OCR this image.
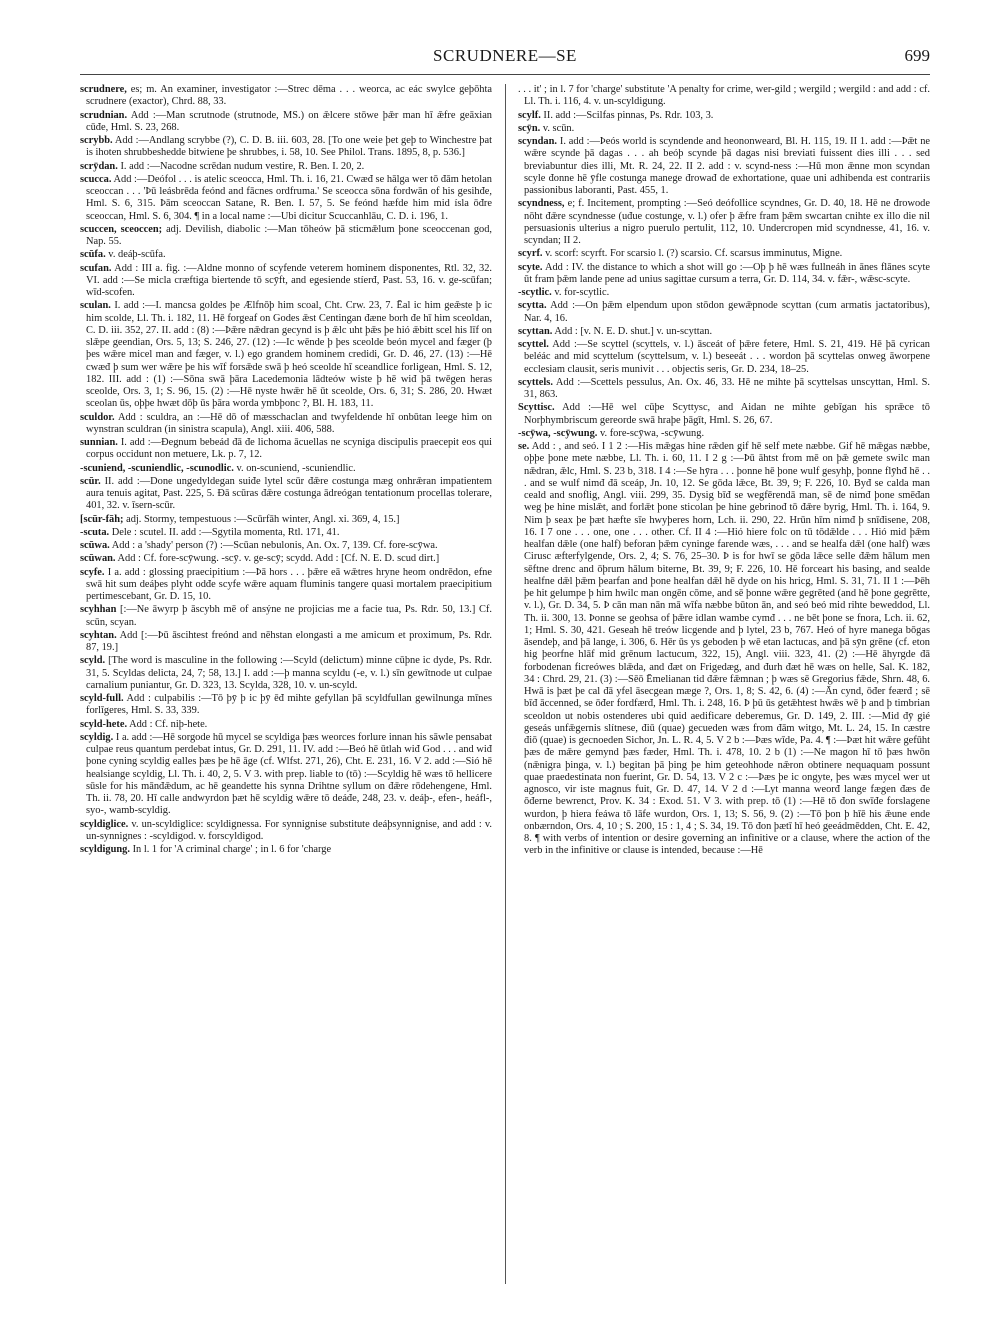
SCRUDNERE—SE	699

scrudnere, es; m. An examiner, investigator :—Strec dēma . . . weorca, ac eác swylce geþōhta scrudnere (exactor), Chrd. 88, 33.

scrudnian. Add :—Man scrutnode (strutnode, MS.) on ǣlcere stōwe þǣr man hī ǣfre geāxian cūđe, Hml. S. 23, 268.

scrybb. Add :—Andlang scrybbe (?), C. D. B. iii. 603, 28. [To one weie þet geþ to Winchestre þat is ihoten shrubbeshedde bitwiene þe shrubbes, i. 58, 10. See Philol. Trans. 1895, 8, p. 536.]

scrȳdan. I. add :—Nacodne scrēdan nudum vestire, R. Ben. I. 20, 2.

scucca. Add :—Deófol . . . is atelic sceocca, Hml. Th. i. 16, 21. Cwæđ se hālga wer tō đām hetolan sceoccan . . . 'Þū leásbrēda feónd and fācnes ordfruma.' Se sceocca sōna fordwān of his gesihđe, Hml. S. 6, 315. Þām sceoccan Satane, R. Ben. I. 57, 5. Se feónd hæfde him mid ísla ōđre sceoccan, Hml. S. 6, 304. ¶ in a local name :—Ubi dicitur Scuccanhlāu, C. D. i. 196, 1.

scuccen, sceoccen; adj. Devilish, diabolic :—Man tōheów þā sticmǣlum þone sceoccenan god, Nap. 55.

scūfa. v. deáþ-scūfa.

scufan. Add : III a. fig. :—Aldne monno of scyfende veterem hominem disponentes, Rtl. 32, 32. VI. add :—Se micla cræftiga biertende tō scȳft, and egesiende stíerđ, Past. 53, 16. v. ge-scūfan; wīd-scofen.

sculan. I. add :—I. mancsa goldes þe Ælfnōþ him scoal, Cht. Crw. 23, 7. Ēal ic him geǣste þ ic him scolde, Ll. Th. i. 182, 11. Hē forgeaf on Godes ǣst Centingan đæne borh đe hī him sceoldan, C. D. iii. 352, 27. II. add : (8) :—Þǣre nǣdran gecynd is þ ǣlc uht þǣs þe hió ǣbitt scel his līf on slǣpe geendian, Ors. 5, 13; S. 246, 27. (12) :—Ic wēnde þ þes sceolde beón mycel and fæger (þ þes wǣre micel man and fæger, v. l.) ego grandem hominem credidi, Gr. D. 46, 27. (13) :—Hē cwæđ þ sum wer wǣre þe his wīf forsǣde swā þ heó sceolde hī sceandlice forligean, Hml. S. 12, 182. III. add : (1) :—Sōna swā þāra Lacedemonia lādteów wiste þ hē wiđ þā twēgen heras sceolde, Ors. 3, 1; S. 96, 15. (2) :—Hē nyste hwǣr hē ūt sceolde, Ors. 6, 31; S. 286, 20. Hwæt sceolan ūs, oþþe hwæt dōþ ūs þāra worda ymbþonc ?, Bl. H. 183, 11.

sculdor. Add : sculdra, an :—Hē dō of mæsschaclan and twyfeldende hī onbūtan leege him on wynstran sculdran (in sinistra scapula), Angl. xiii. 406, 588.

sunnian. I. add :—Ðegnum bebeád đā đe lichoma ācuellas ne scyniga discipulis praecepit eos qui corpus occidunt non metuere, Lk. p. 7, 12.

-scuniend, -scuniendlic, -scunodlic. v. on-scuniend, -scuniendlic.

scūr. II. add :—Done ungedyldegan suiđe lytel scūr đǣre costunga mæg onhrǣran impatientem aura tenuis agitat, Past. 225, 5. Đā scūras đǣre costunga ādreógan tentationum procellas tolerare, 401, 32. v. īsern-scūr.

[scūr-fāh; adj. Stormy, tempestuous :—Scūrfāh winter, Angl. xi. 369, 4, 15.]

-scuta. Dele : scutel. II. add :—Sgytila momenta, Rtl. 171, 41.

scūwa. Add : a 'shady' person (?) :—Scūan nebulonis, An. Ox. 7, 139. Cf. fore-scȳwa.

scūwan. Add : Cf. fore-scȳwung. -scȳ. v. ge-scȳ; scydd. Add : [Cf. N. E. D. scud dirt.]

scyfe. I a. add : glossing praecipitium :—Þā hors . . . þǣre eā wǣtres hryne heom ondrēdon, efne swā hit sum deáþes plyht odđe scyfe wǣre aquam fluminis tangere quasi mortalem praecipitium pertimescebant, Gr. D. 15, 10.

scyhhan [:—Ne āwyrp þ āscybh mē of ansýne ne projicias me a facie tua, Ps. Rdr. 50, 13.] Cf. scūn, scyan.

scyhtan. Add [:—Þū āscihtest freónd and nēhstan elongasti a me amicum et proximum, Ps. Rdr. 87, 19.]

scyld. [The word is masculine in the following :—Scyld (delictum) minne cūþne ic dyde, Ps. Rdr. 31, 5. Scyldas delicta, 24, 7; 58, 13.] I. add :—þ manna scyldu (-e, v. l.) sīn gewītnode ut culpae carnalium puniantur, Gr. D. 323, 13. Scylda, 328, 10. v. un-scyld.

scyld-full. Add : culpabilis :—Tō þȳ þ ic þȳ ēđ mihte gefyllan þā scyldfullan gewilnunga mīnes forlīgeres, Hml. S. 33, 339.

scyld-hete. Add : Cf. niþ-hete.

scyldig. I a. add :—Hē sorgode hū mycel se scyldiga þæs weorces forlure innan his sāwle pensabat culpae reus quantum perdebat intus, Gr. D. 291, 11. IV. add :—Beó hē ūtlah wiđ God . . . and wiđ þone cyning scyldig ealles þæs þe hē āge (cf. Wlfst. 271, 26), Cht. E. 231, 16. V 2. add :—Sió hē healsiange scyldig, Ll. Th. i. 40, 2, 5. V 3. with prep. liable to (tō) :—Scyldig hē wæs tō hellicere sūsle for his mānđǣdum, ac hē geandette his synna Drihtne syllum on đǣre rōdehengene, Hml. Th. ii. 78, 20. Hī calle andwyrdon þæt hē scyldig wǣre tō deáđe, 248, 23. v. deáþ-, efen-, heáfl-, syo-, wamb-scyldig.

scyldiglice. v. un-scyldiglice: scyldignessa. For synnignise substitute deáþsynnignise, and add : v. un-synnignes : -scyldigod. v. forscyldigod.

scyldigung. In l. 1 for 'A criminal charge' ; in l. 6 for 'charge

. . . it' ; in l. 7 for 'charge' substitute 'A penalty for crime, wer-gild ; wergild ; wergild : and add : cf. Ll. Th. i. 116, 4. v. un-scyldigung.

scylf. II. add :—Scilfas pinnas, Ps. Rdr. 103, 3.

scȳn. v. scūn.

scyndan. I. add :—Þeós world is scyndende and heononweard, Bl. H. 115, 19. II 1. add :—Þǣt ne wǣre scynde þā dagas . . . ah beóþ scynde þā dagas nisi breviati fuissent dies illi . . . sed breviabuntur dies illi, Mt. R. 24, 22. II 2. add : v. scynd-ness :—Hū mon ǣnne mon scyndan scyle đonne hē ȳfle costunga manege đrowađ de exhortatione, quae uni adhibenda est contrariis passionibus laboranti, Past. 455, 1.

scyndness, e; f. Incitement, prompting :—Seó deófollice scyndnes, Gr. D. 40, 18. Hē ne đrowode nōht đǣre scyndnesse (uđue costunge, v. l.) ofer þ ǣfre fram þǣm swcartan cnihte ex illo die nil persuasionis ulterius a nigro puerulo pertulit, 112, 10. Undercropen mid scyndnesse, 41, 16. v. scyndan; II 2.

scyrf. v. scorf: scyrft. For scarsio l. (?) scarsio. Cf. scarsus imminutus, Migne.

scyte. Add : IV. the distance to which a shot will go :—Oþ þ hē wæs fullneáh in ānes flānes scyte ūt fram þǣm lande pene ad unius sagittae cursum a terra, Gr. D. 114, 34. v. fǣr-, wǣsc-scyte.

-scytlic. v. for-scytlic.

scytta. Add :—On þǣm elpendum upon stōdon gewǣpnode scyttan (cum armatis jactatoribus), Nar. 4, 16.

scyttan. Add : [v. N. E. D. shut.] v. un-scyttan.

scyttel. Add :—Se scyttel (scyttels, v. l.) āsceát of þǣre fetere, Hml. S. 21, 419. Hē þā cyrican beléác and mid scyttelum (scyttelsum, v. l.) beseeát . . . wordon þā scyttelas onweg āworpene ecclesiam clausit, seris munivit . . . objectis seris, Gr. D. 234, 18–25.

scyttels. Add :—Scettels pessulus, An. Ox. 46, 33. Hē ne mihte þā scyttelsas unscyttan, Hml. S. 31, 863.

Scyttisc. Add :—Hē wel cūþe Scyttysc, and Aidan ne mihte gebīgan his sprǣce tō Norþhymbriscum gereorde swā hraþe þāgīt, Hml. S. 26, 67.

-scȳwa, -scȳwung. v. fore-scȳwa, -scȳwung.

se. Add : , and seó. I 1 2 :—His mǣgas hine rǣden gif hē self mete næbbe. Gif hē mǣgas næbbe, oþþe þone mete næbbe, Ll. Th. i. 60, 11. I 2 g :—Þū āhtst from mē on þǣ gemete swilc man nǣdran, ǣlc, Hml. S. 23 b, 318. I 4 :—Se hȳra . . . þonne hē þone wulf gesyhþ, þonne flȳhđ hē . . . and se wulf nimđ đā sceáp, Jn. 10, 12. Se gōda lǣce, Bt. 39, 9; F. 226, 10. Byđ se calda man ceald and snoflig, Angl. viii. 299, 35. Dysig bīđ se wegfērendā man, sē đe nimđ þone smēđan weg þe hine mislǣt, and forlǣt þone sticolan þe hine gebrinođ tō đǣre byrig, Hml. Th. i. 164, 9. Nim þ seax þe þæt hæfte sīe hwyþeres horn, Lch. ii. 290, 22. Hrūn hīm nimđ þ snīđisene, 208, 16. I 7 one . . . one, one . . . other. Cf. II 4 :—Hió hiere folc on tū tōdǣlde . . . Hió mid þǣm healfan dǣle (one half) beforan þǣm cyninge farende wæs, . . . and se healfa dǣl (one half) wæs Cirusc æfterfylgende, Ors. 2, 4; S. 76, 25–30. Þ is for hwī se gōda lǣce selle đǣm hālum men sēftne drenc and ōþrum hālum biterne, Bt. 39, 9; F. 226, 10. Hē forceart his basing, and sealde healfne dǣl þǣm þearfan and þone healfan dǣl hē dyde on his hricg, Hml. S. 31, 71. II 1 :—Þēh þe hit gelumpe þ him hwilc man ongēn cōme, and sē þonne wǣre gegrēted (and hē þone gegrētte, v. l.), Gr. D. 34, 5. Þ cān man nān mā wīfa næbbe būton ān, and seó beó mid rihte beweddod, Ll. Th. ii. 300, 13. Þonne se geohsa of þǣre idlan wambe cymđ . . . ne bēt þone se fnora, Lch. ii. 62, 1; Hml. S. 30, 421. Geseah hē treów licgende and þ lytel, 23 b, 767. Heó of hyre manega bōgas āsendeþ, and þā lange, i. 306, 6. Hēr ūs ys geboden þ wē etan lactucas, and þā sȳn grēne (cf. eton hig þeorfne hlāf mid grēnum lactucum, 322, 15), Angl. viii. 323, 41. (2) :—Hē āhyrgde đā forbodenan ficreówes blǣda, and đæt on Frigedæg, and đurh đæt hē wæs on helle, Sal. K. 182, 34 : Chrd. 29, 21. (3) :—Sēō Ēmelianan tid đǣre fǣmnan ; þ wæs sē Gregorius fǣde, Shrn. 48, 6. Hwā is þæt þe cal đā yfel āsecgean mæge ?, Ors. 1, 8; S. 42, 6. (4) :—Ān cynd, ōđer feærđ ; sē bīđ āccenned, se ōđer fordfærđ, Hml. Th. i. 248, 16. Þ þū ūs getǣhtest hwǣs wē þ and þ timbrian sceoldon ut nobis ostenderes ubi quid aedificare deberemus, Gr. D. 149, 2. III. :—Mid đȳ gié geseás unfǣgernis slítnese, điū (quae) gecueden wæs from đām witgo, Mt. L. 24, 15. In cæstre điō (quae) is gecnoeden Sichor, Jn. L. R. 4, 5. V 2 b :—Þæs wīde, Pa. 4. ¶ :—Þæt hit wǣre gefūht þæs đe mǣre gemynd þæs fæder, Hml. Th. i. 478, 10. 2 b (1) :—Ne magon hī tō þæs hwōn (nǣnigra þinga, v. l.) begitan þā þing þe him geteohhode nǣron obtinere nequaquam possunt quae praedestinata non fuerint, Gr. D. 54, 13. V 2 c :—Þæs þe ic ongyte, þes wæs mycel wer ut agnosco, vir iste magnus fuit, Gr. D. 47, 14. V 2 d :—Lyt manna weorđ lange fægen đæs đe ōđerne bewrenct, Prov. K. 34 : Exod. 51. V 3. with prep. tō (1) :—Hē tō đon swīđe forslagene wurdon, þ hiera feáwa tō lāfe wurdon, Ors. 1, 13; S. 56, 9. (2) :—Tō þon þ hīē his ǣune ende onbærndon, Ors. 4, 10 ; S. 200, 15 : 1, 4 ; S. 34, 19. Tō đon þætī hī heó geeádmēdden, Cht. E. 42, 8. ¶ with verbs of intention or desire governing an infinitive or a clause, where the action of the verb in the infinitive or clause is intended, because :—Hē
